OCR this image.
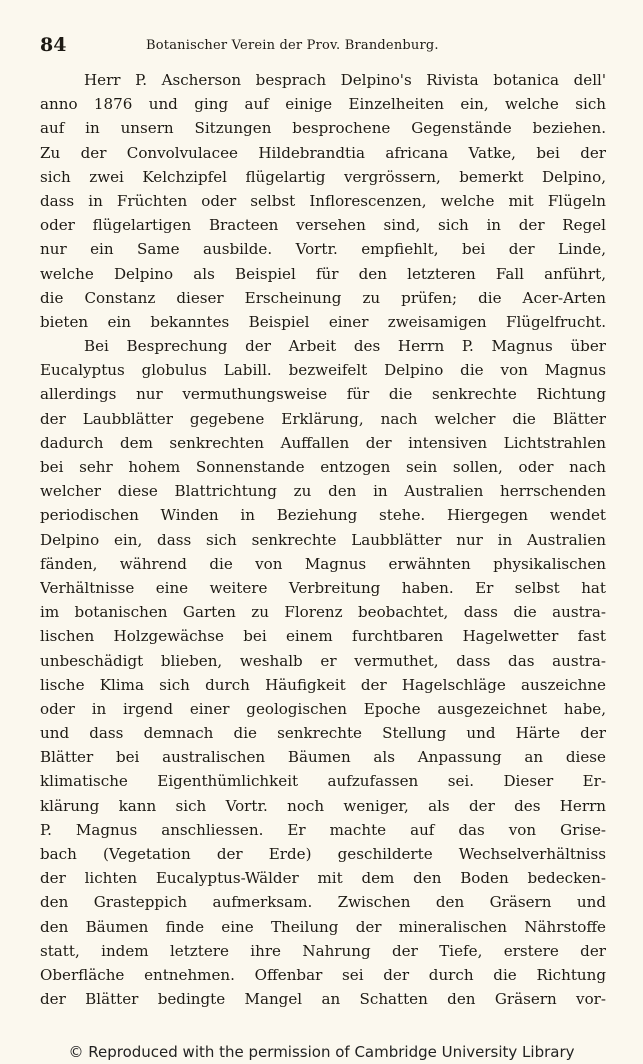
84	Botanischer Verein der Prov. Brandenburg.
Herr P. Ascherson besprach Delpino's Rivista botanica dell'
anno 1876 und ging auf einige Einzelheiten ein, welche sich
auf in unsern Sitzungen besprochene Gegenstände beziehen.
Zu der Convolvulacee Hildebrandtia africana Vatke, bei der
sich zwei Kelchzipfel flügelartig vergrössern, bemerkt Delpino,
dass in Früchten oder selbst Inflorescenzen, welche mit Flügeln
oder flügelartigen Bracteen versehen sind, sich in der Regel
nur ein Same ausbilde. Vortr. empfiehlt, bei der Linde,
welche Delpino als Beispiel für den letzteren Fall anführt,
die Constanz dieser Erscheinung zu prüfen; die Acer-Arten
bieten ein bekanntes Beispiel einer zweisamigen Flügelfrucht.
Bei Besprechung der Arbeit des Herrn P. Magnus über
Eucalyptus globulus Labill. bezweifelt Delpino die von Magnus
allerdings nur vermuthungsweise für die senkrechte Richtung
der Laubblätter gegebene Erklärung, nach welcher die Blätter
dadurch dem senkrechten Auffallen der intensiven Lichtstrahlen
bei sehr hohem Sonnenstande entzogen sein sollen, oder nach
welcher diese Blattrichtung zu den in Australien herrschenden
periodischen Winden in Beziehung stehe. Hiergegen wendet
Delpino ein, dass sich senkrechte Laubblätter nur in Australien
fänden, während die von Magnus erwähnten physikalischen
Verhältnisse eine weitere Verbreitung haben. Er selbst hat
im botanischen Garten zu Florenz beobachtet, dass die austra-
lischen Holzgewächse bei einem furchtbaren Hagelwetter fast
unbeschädigt blieben, weshalb er vermuthet, dass das austra-
lische Klima sich durch Häufigkeit der Hagelschläge auszeichne
oder in irgend einer geologischen Epoche ausgezeichnet habe,
und dass demnach die senkrechte Stellung und Härte der
Blätter bei australischen Bäumen als Anpassung an diese
klimatische Eigenthümlichkeit aufzufassen sei. Dieser Er-
klärung kann sich Vortr. noch weniger, als der des Herrn
P. Magnus anschliessen. Er machte auf das von Grise-
bach (Vegetation der Erde) geschilderte Wechselverhältniss
der lichten Eucalyptus-Wälder mit dem den Boden bedecken-
den Grasteppich aufmerksam. Zwischen den Gräsern und
den Bäumen finde eine Theilung der mineralischen Nährstoffe
statt, indem letztere ihre Nahrung der Tiefe, erstere der
Oberfläche entnehmen. Offenbar sei der durch die Richtung
der Blätter bedingte Mangel an Schatten den Gräsern vor-
© Reproduced with the permission of Cambridge University Library
